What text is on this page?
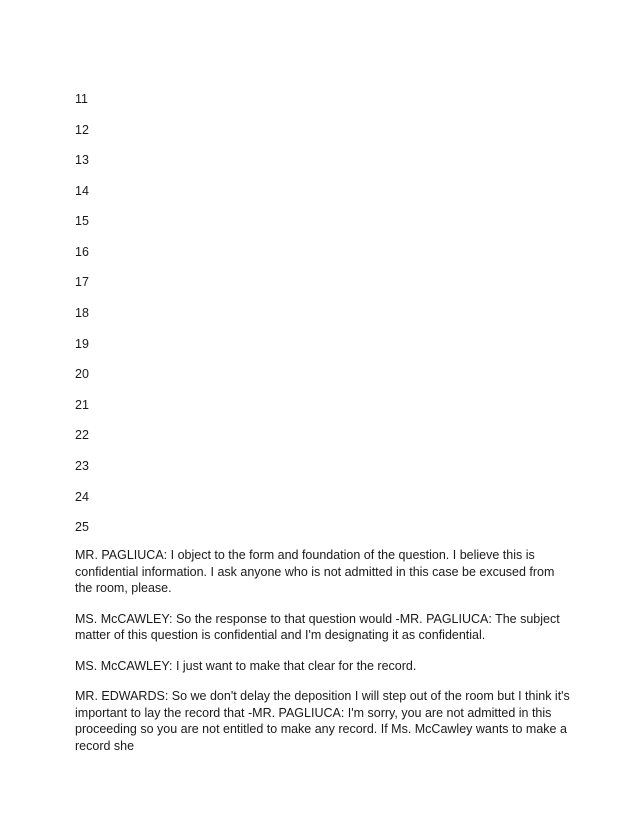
11
12
13
14
15
16
17
18
19
20
21
22
23
24
25

MR. PAGLIUCA: I object to the form and foundation of the question. I believe this is confidential information. I ask anyone who is not admitted in this case be excused from the room, please.

MS. McCAWLEY: So the response to that question would -MR. PAGLIUCA: The subject matter of this question is confidential and I'm designating it as confidential.

MS. McCAWLEY: I just want to make that clear for the record.

MR. EDWARDS: So we don't delay the deposition I will step out of the room but I think it's important to lay the record that -MR. PAGLIUCA: I'm sorry, you are not admitted in this proceeding so you are not entitled to make any record. If Ms. McCawley wants to make a record she
